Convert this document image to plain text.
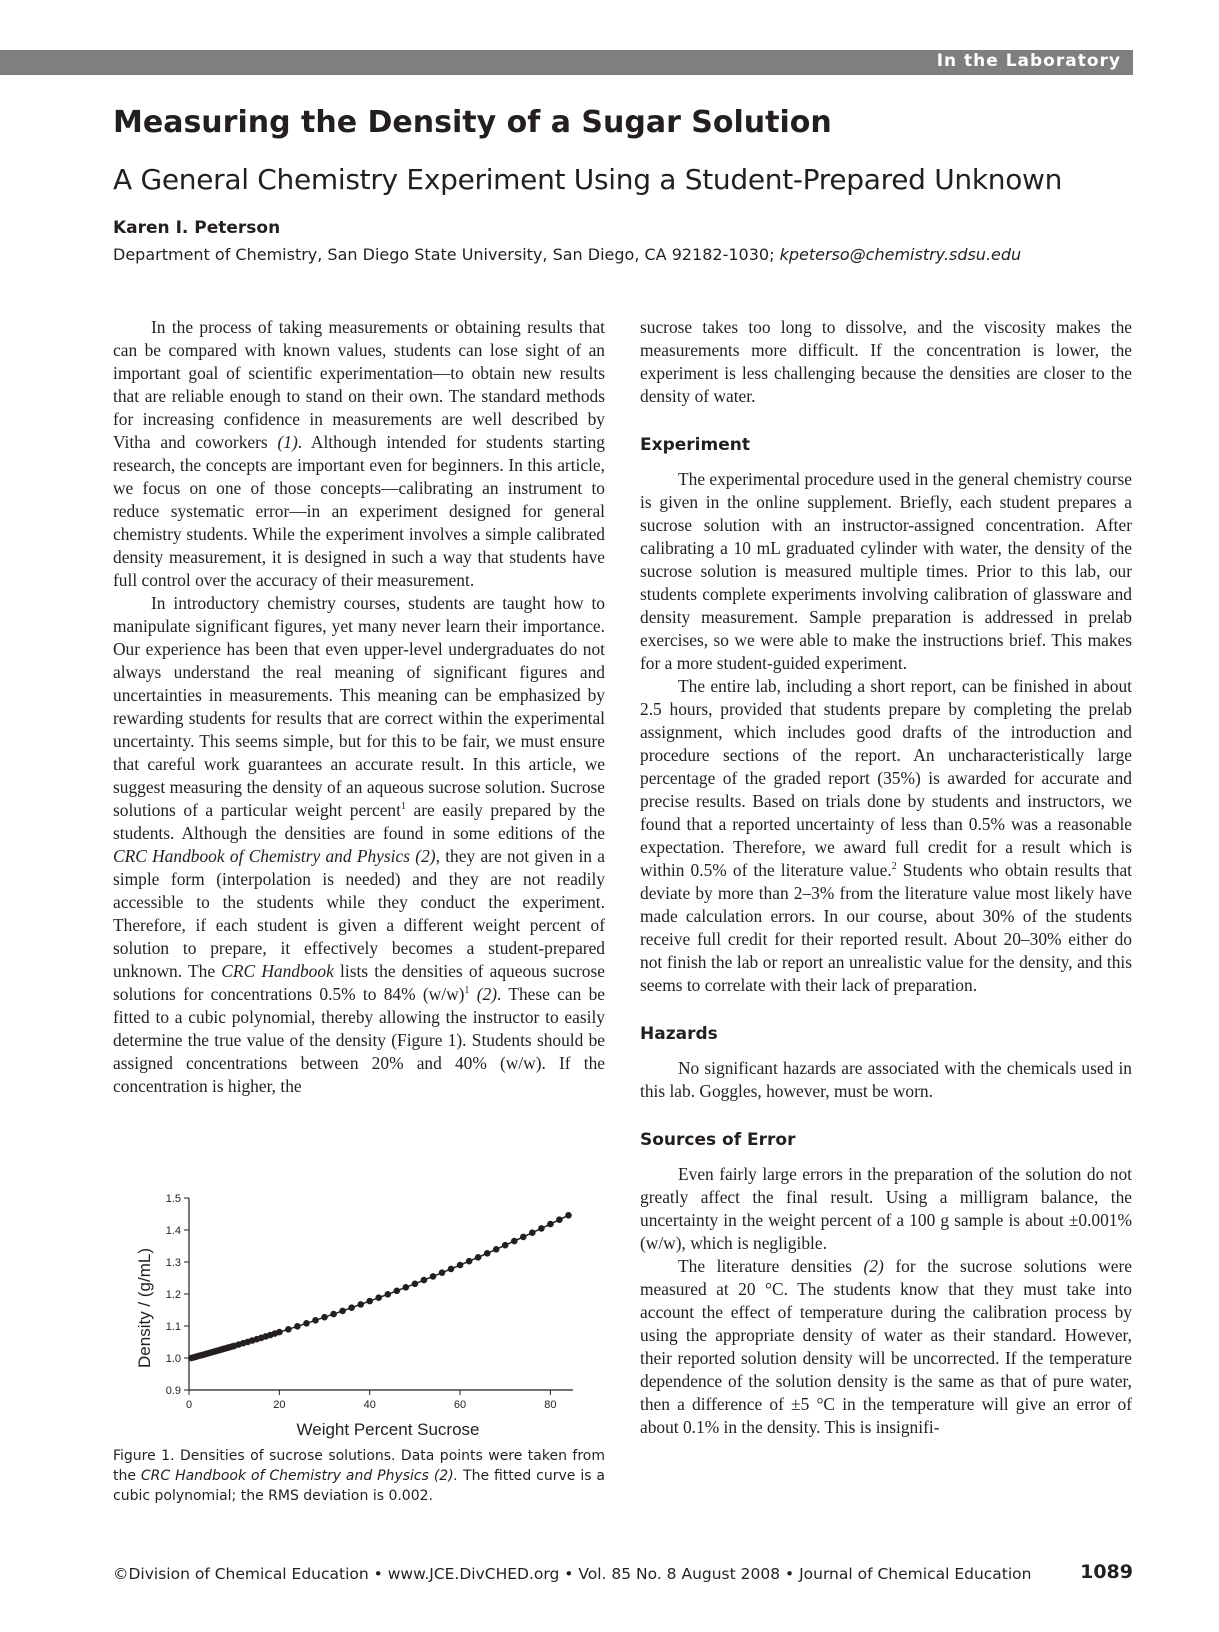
In the Laboratory
Measuring the Density of a Sugar Solution
A General Chemistry Experiment Using a Student-Prepared Unknown
Karen I. Peterson
Department of Chemistry, San Diego State University, San Diego, CA 92182-1030; kpeterso@chemistry.sdsu.edu

In the process of taking measurements or obtaining results that can be compared with known values, students can lose sight of an important goal of scientific experimentation—to obtain new results that are reliable enough to stand on their own. The standard methods for increasing confidence in measurements are well described by Vitha and coworkers (1). Although intended for students starting research, the concepts are important even for beginners. In this article, we focus on one of those concepts—calibrating an instrument to reduce systematic error—in an experiment designed for general chemistry students. While the experiment involves a simple calibrated density measurement, it is designed in such a way that students have full control over the accuracy of their measurement.

In introductory chemistry courses, students are taught how to manipulate significant figures, yet many never learn their importance. Our experience has been that even upper-level undergraduates do not always understand the real meaning of significant figures and uncertainties in measurements. This meaning can be emphasized by rewarding students for results that are correct within the experimental uncertainty. This seems simple, but for this to be fair, we must ensure that careful work guarantees an accurate result. In this article, we suggest measuring the density of an aqueous sucrose solution. Sucrose solutions of a particular weight percent$^1$ are easily prepared by the students. Although the densities are found in some editions of the CRC Handbook of Chemistry and Physics (2), they are not given in a simple form (interpolation is needed) and they are not readily accessible to the students while they conduct the experiment. Therefore, if each student is given a different weight percent of solution to prepare, it effectively becomes a student-prepared unknown. The CRC Handbook lists the densities of aqueous sucrose solutions for concentrations 0.5% to 84% $(w/w)^1$ (2). These can be fitted to a cubic polynomial, thereby allowing the instructor to easily determine the true value of the density (Figure 1). Students should be assigned concentrations between 20% and 40% (w/w). If the concentration is higher, the

sucrose takes too long to dissolve, and the viscosity makes the measurements more difficult. If the concentration is lower, the experiment is less challenging because the densities are closer to the density of water.

Experiment

The experimental procedure used in the general chemistry course is given in the online supplement. Briefly, each student prepares a sucrose solution with an instructor-assigned concentration. After calibrating a 10 mL graduated cylinder with water, the density of the sucrose solution is measured multiple times. Prior to this lab, our students complete experiments involving calibration of glassware and density measurement. Sample preparation is addressed in prelab exercises, so we were able to make the instructions brief. This makes for a more student-guided experiment.

The entire lab, including a short report, can be finished in about 2.5 hours, provided that students prepare by completing the prelab assignment, which includes good drafts of the introduction and procedure sections of the report. An uncharacteristically large percentage of the graded report (35%) is awarded for accurate and precise results. Based on trials done by students and instructors, we found that a reported uncertainty of less than 0.5% was a reasonable expectation. Therefore, we award full credit for a result which is within 0.5% of the literature value.$^2$ Students who obtain results that deviate by more than 2–3% from the literature value most likely have made calculation errors. In our course, about 30% of the students receive full credit for their reported result. About 20–30% either do not finish the lab or report an unrealistic value for the density, and this seems to correlate with their lack of preparation.

Hazards

No significant hazards are associated with the chemicals used in this lab. Goggles, however, must be worn.

Sources of Error

Even fairly large errors in the preparation of the solution do not greatly affect the final result. Using a milligram balance, the uncertainty in the weight percent of a 100 g sample is about ±0.001% (w/w), which is negligible.

The literature densities (2) for the sucrose solutions were measured at 20 °C. The students know that they must take into account the effect of temperature during the calibration process by using the appropriate density of water as their standard. However, their reported solution density will be uncorrected. If the temperature dependence of the solution density is the same as that of pure water, then a difference of ±5 °C in the temperature will give an error of about 0.1% in the density. This is insignifi-

0.9
1.0
1.1
1.2
1.3
1.4
1.5
0	20	40	60	80
Weight Percent Sucrose
Density / (g/mL)
Figure 1. Densities of sucrose solutions. Data points were taken from the CRC Handbook of Chemistry and Physics (2). The fitted curve is a cubic polynomial; the RMS deviation is 0.002.
©Division of Chemical Education • www.JCE.DivCHED.org • Vol. 85 No. 8 August 2008 • Journal of Chemical Education	1089
